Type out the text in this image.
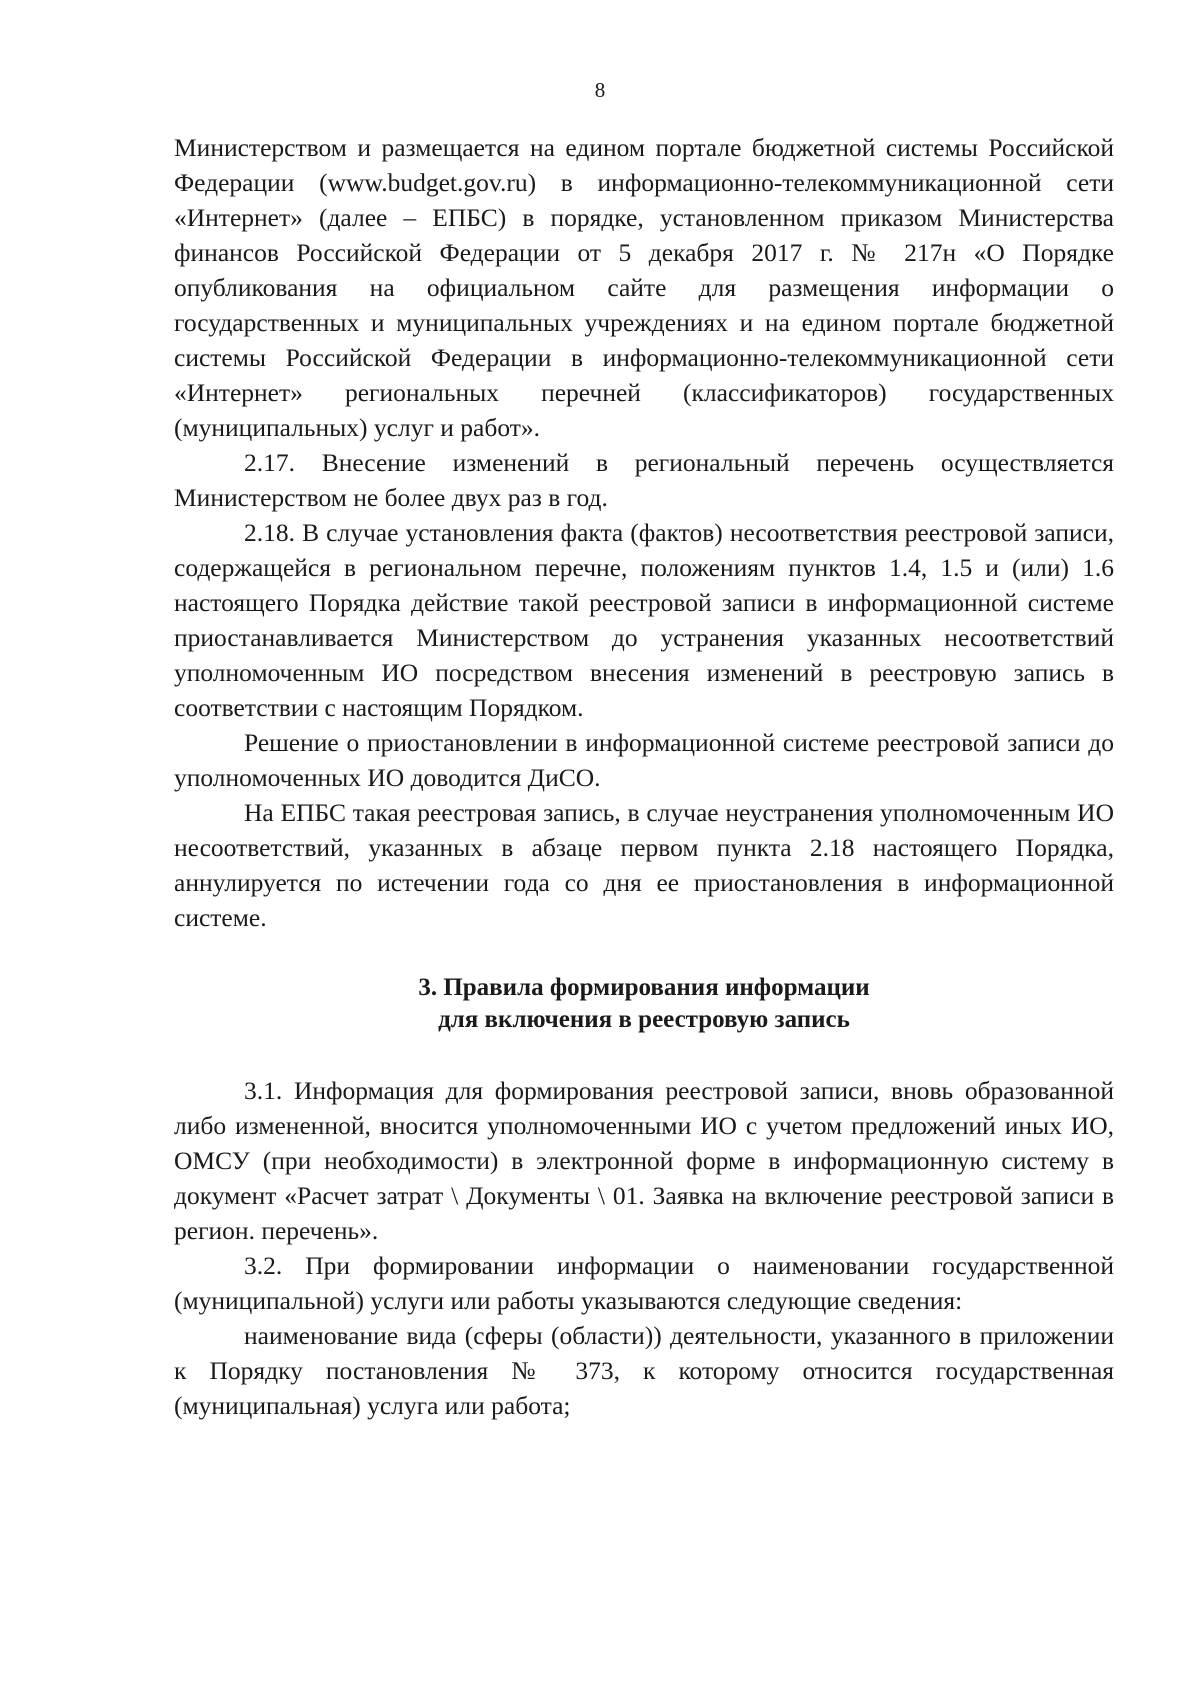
8

Министерством и размещается на едином портале бюджетной системы Российской Федерации (www.budget.gov.ru) в информационно-телекоммуникационной сети «Интернет» (далее – ЕПБС) в порядке, установленном приказом Министерства финансов Российской Федерации от 5 декабря 2017 г. № 217н «О Порядке опубликования на официальном сайте для размещения информации о государственных и муниципальных учреждениях и на едином портале бюджетной системы Российской Федерации в информационно-телекоммуникационной сети «Интернет» региональных перечней (классификаторов) государственных (муниципальных) услуг и работ».

2.17. Внесение изменений в региональный перечень осуществляется Министерством не более двух раз в год.

2.18. В случае установления факта (фактов) несоответствия реестровой записи, содержащейся в региональном перечне, положениям пунктов 1.4, 1.5 и (или) 1.6 настоящего Порядка действие такой реестровой записи в информационной системе приостанавливается Министерством до устранения указанных несоответствий уполномоченным ИО посредством внесения изменений в реестровую запись в соответствии с настоящим Порядком.

Решение о приостановлении в информационной системе реестровой записи до уполномоченных ИО доводится ДиСО.

На ЕПБС такая реестровая запись, в случае неустранения уполномоченным ИО несоответствий, указанных в абзаце первом пункта 2.18 настоящего Порядка, аннулируется по истечении года со дня ее приостановления в информационной системе.

3. Правила формирования информации
для включения в реестровую запись

3.1. Информация для формирования реестровой записи, вновь образованной либо измененной, вносится уполномоченными ИО с учетом предложений иных ИО, ОМСУ (при необходимости) в электронной форме в информационную систему в документ «Расчет затрат \ Документы \ 01. Заявка на включение реестровой записи в регион. перечень».

3.2. При формировании информации о наименовании государственной (муниципальной) услуги или работы указываются следующие сведения:

наименование вида (сферы (области)) деятельности, указанного в приложении к Порядку постановления № 373, к которому относится государственная (муниципальная) услуга или работа;
